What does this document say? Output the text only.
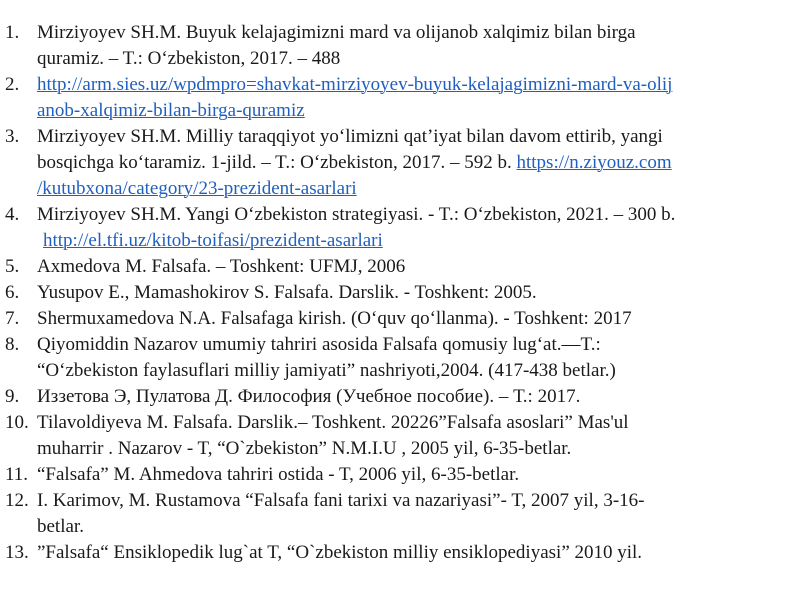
1. Mirziyoyev SH.M. Buyuk kelajagimizni mard va olijanob xalqimiz bilan birga
quramiz. – T.: O‘zbekiston, 2017. – 488
2. http://arm.sies.uz/wpdmpro=shavkat-mirziyoyev-buyuk-kelajagimizni-mard-va-olij
anob-xalqimiz-bilan-birga-quramiz
3. Mirziyoyev SH.M. Milliy taraqqiyot yo‘limizni qat’iyat bilan davom ettirib, yangi
bosqichga ko‘taramiz. 1-jild. – T.: O‘zbekiston, 2017. – 592 b. https://n.ziyouz.com
/kutubxona/category/23-prezident-asarlari
4. Mirziyoyev SH.M. Yangi O‘zbekiston strategiyasi. - T.: O‘zbekiston, 2021. – 300 b.
http://el.tfi.uz/kitob-toifasi/prezident-asarlari
5. Axmedova M. Falsafa. – Toshkent: UFMJ, 2006
6. Yusupov E., Mamashokirov S. Falsafa. Darslik. - Toshkent: 2005.
7. Shermuxamedova N.A. Falsafaga kirish. (O‘quv qo‘llanma). - Toshkent: 2017
8. Qiyomiddin Nazarov umumiy tahriri asosida Falsafa qomusiy lug‘at.—T.:
“O‘zbekiston faylasuflari milliy jamiyati” nashriyoti,2004. (417-438 betlar.)
9. Иззетова Э, Пулатова Д. Философия (Учебное пособие). – Т.: 2017.
10. Tilavoldiyeva M. Falsafa. Darslik.– Toshkent. 20226”Falsafa asoslari” Mas'ul
muharrir . Nazarov - T, “O`zbekiston” N.M.I.U , 2005 yil, 6-35-betlar.
11. “Falsafa” M. Ahmedova tahriri ostida - T, 2006 yil, 6-35-betlar.
12. I. Karimov, M. Rustamova “Falsafa fani tarixi va nazariyasi”- T, 2007 yil, 3-16-
betlar.
13. ”Falsafa“ Ensiklopedik lug`at T, “O`zbekiston milliy ensiklopediyasi” 2010 yil.
